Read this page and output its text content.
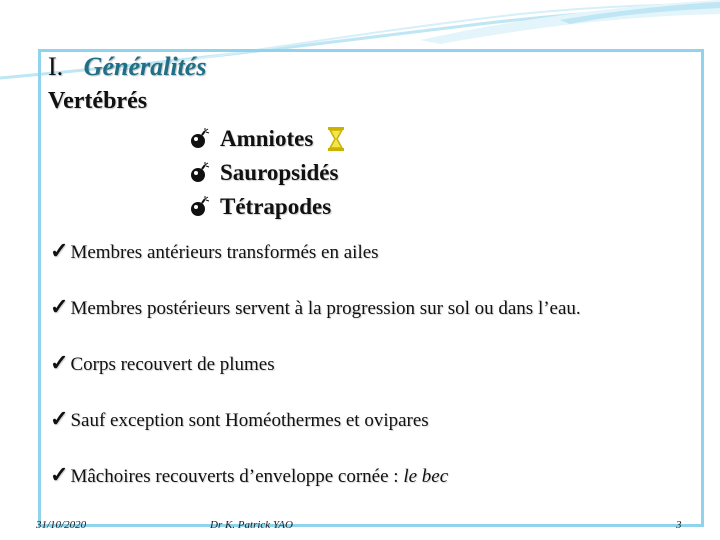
I. Généralités
Vertébrés
Amniotes
Sauropsidés
Tétrapodes
✓ Membres antérieurs transformés en ailes
✓ Membres postérieurs servent à la progression sur sol ou dans l’eau.
✓ Corps recouvert de plumes
✓ Sauf exception sont Homéothermes et ovipares
✓ Mâchoires recouverts d’enveloppe cornée : le bec
31/10/2020	Dr K. Patrick YAO	3
